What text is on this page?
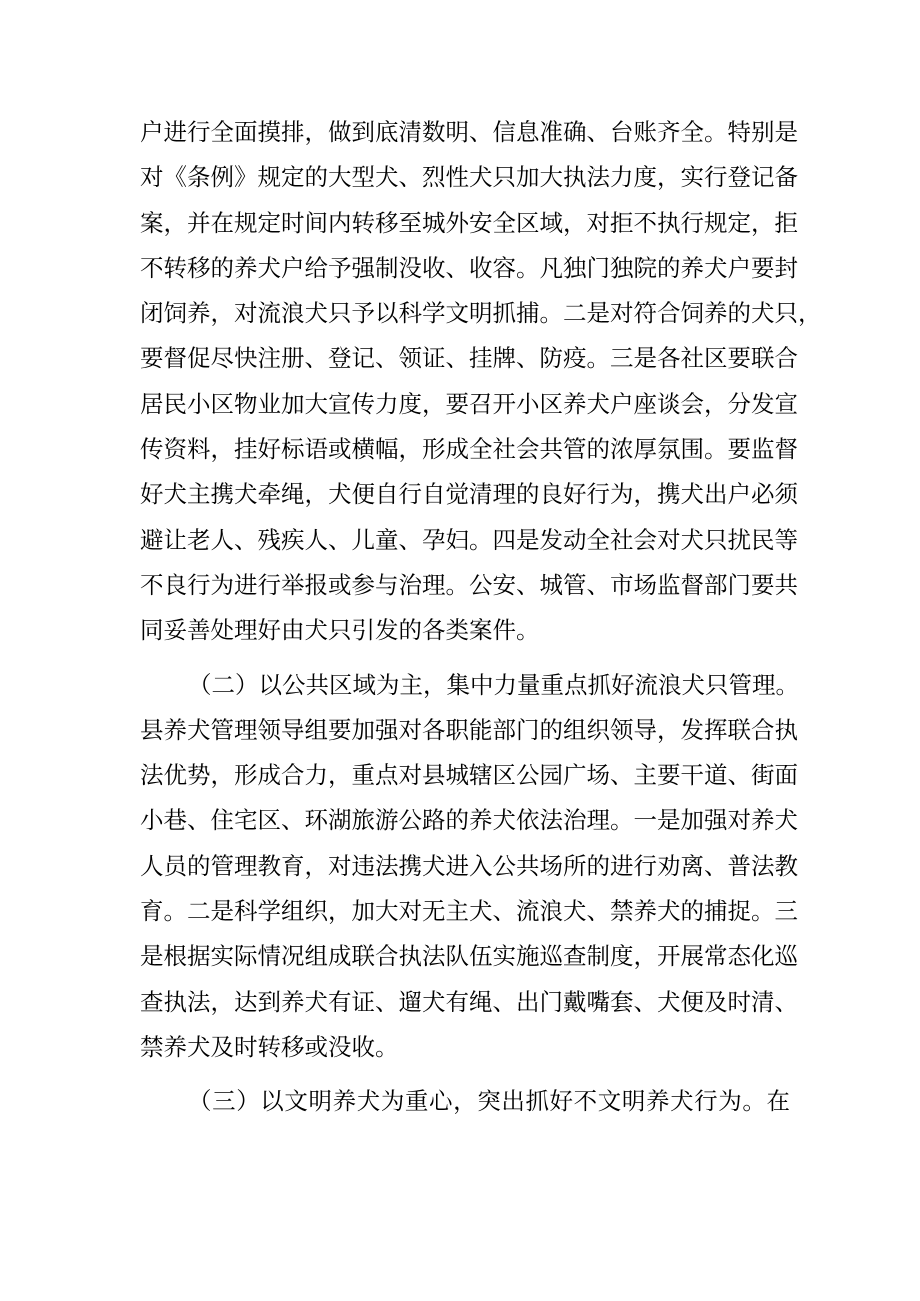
户进行全面摸排，做到底清数明、信息准确、台账齐全。特别是
对《条例》规定的大型犬、烈性犬只加大执法力度，实行登记备
案，并在规定时间内转移至城外安全区域，对拒不执行规定，拒
不转移的养犬户给予强制没收、收容。凡独门独院的养犬户要封
闭饲养，对流浪犬只予以科学文明抓捕。二是对符合饲养的犬只，
要督促尽快注册、登记、领证、挂牌、防疫。三是各社区要联合
居民小区物业加大宣传力度，要召开小区养犬户座谈会，分发宣
传资料，挂好标语或横幅，形成全社会共管的浓厚氛围。要监督
好犬主携犬牵绳，犬便自行自觉清理的良好行为，携犬出户必须
避让老人、残疾人、儿童、孕妇。四是发动全社会对犬只扰民等
不良行为进行举报或参与治理。公安、城管、市场监督部门要共
同妥善处理好由犬只引发的各类案件。
（二）以公共区域为主，集中力量重点抓好流浪犬只管理。
县养犬管理领导组要加强对各职能部门的组织领导，发挥联合执
法优势，形成合力，重点对县城辖区公园广场、主要干道、街面
小巷、住宅区、环湖旅游公路的养犬依法治理。一是加强对养犬
人员的管理教育，对违法携犬进入公共场所的进行劝离、普法教
育。二是科学组织，加大对无主犬、流浪犬、禁养犬的捕捉。三
是根据实际情况组成联合执法队伍实施巡查制度，开展常态化巡
查执法，达到养犬有证、遛犬有绳、出门戴嘴套、犬便及时清、
禁养犬及时转移或没收。
（三）以文明养犬为重心，突出抓好不文明养犬行为。在
